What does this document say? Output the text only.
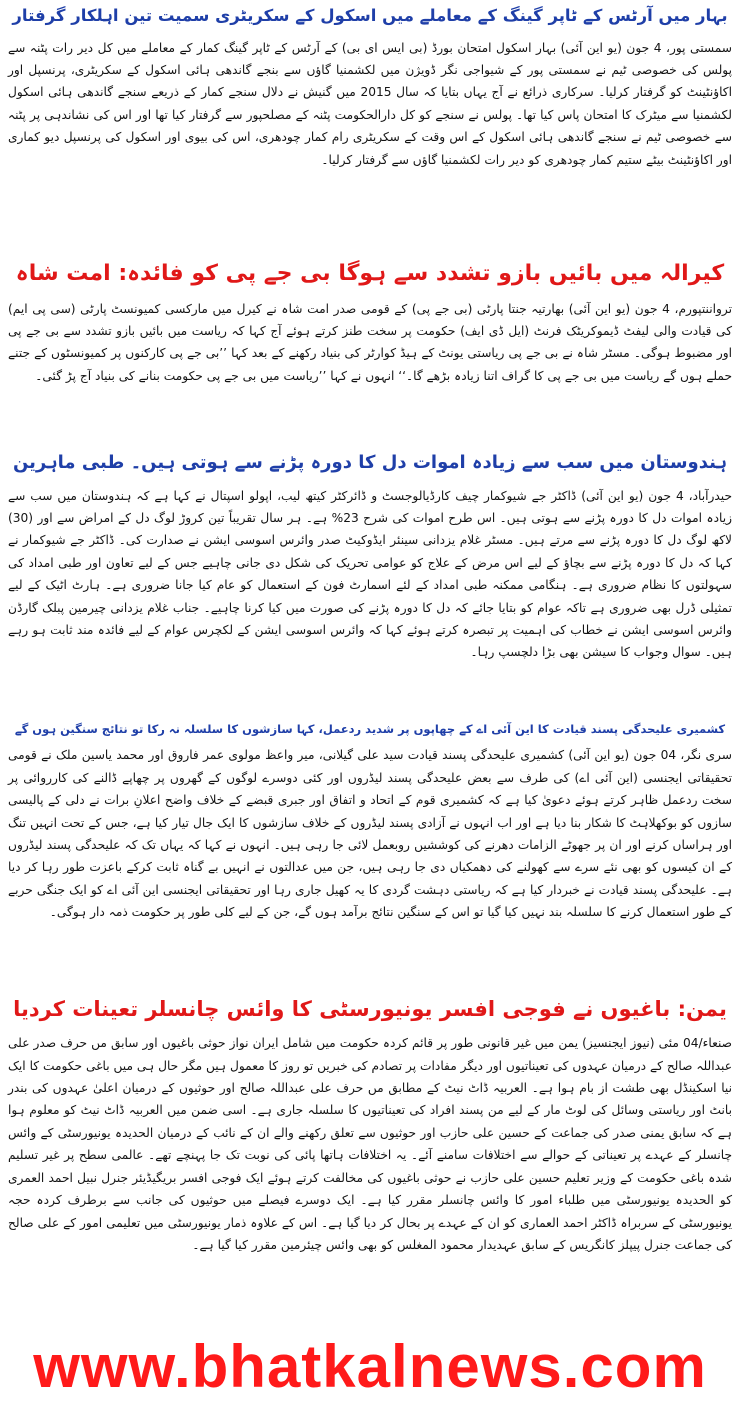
بہار میں آرٹس کے ٹاپر گینگ کے معاملے میں اسکول کے سکریٹری سمیت تین اہلکار گرفتار

سمستی پور، 4 جون (یو این آئی) بہار اسکول امتحان بورڈ (بی ایس ای بی) کے آرٹس کے ٹاپر گینگ کمار کے معاملے میں کل دیر رات پٹنہ سے پولس کی خصوصی ٹیم نے سمستی پور کے شیواجی نگر ڈویژن میں لکشمنیا گاؤں سے بنجے گاندھی ہائی اسکول کے سکریٹری، پرنسپل اور اکاؤنٹینٹ کو گرفتار کرلیا۔ سرکاری ذرائع نے آج یہاں بتایا کہ سال 2015 میں گنیش نے دلال سنجے کمار کے ذریعے سنجے گاندھی ہائی اسکول لکشمنیا سے میٹرک کا امتحان پاس کیا تھا۔ پولس نے سنجے کو کل دارالحکومت پٹنہ کے مصلحپور سے گرفتار کیا تھا اور اس کی نشاندہی پر پٹنہ سے خصوصی ٹیم نے سنجے گاندھی ہائی اسکول کے اس وقت کے سکریٹری رام کمار چودھری، اس کی بیوی اور اسکول کی پرنسپل دیو کماری اور اکاؤنٹینٹ بیٹے ستیم کمار چودھری کو دیر رات لکشمنیا گاؤں سے گرفتار کرلیا۔

کیرالہ میں بائیں بازو تشدد سے ہوگا بی جے پی کو فائدہ: امت شاہ

ترواننتپورم، 4 جون (یو این آئی) بھارتیہ جنتا پارٹی (بی جے پی) کے قومی صدر امت شاہ نے کیرل میں مارکسی کمیونسٹ پارٹی (سی پی ایم) کی قیادت والی لیفٹ ڈیموکریٹک فرنٹ (ایل ڈی ایف) حکومت پر سخت طنز کرتے ہوئے آج کہا کہ ریاست میں بائیں بازو تشدد سے بی جے پی اور مضبوط ہوگی۔ مسٹر شاہ نے بی جے پی ریاستی یونٹ کے ہیڈ کوارٹر کی بنیاد رکھنے کے بعد کہا ’’بی جے پی کارکنوں پر کمیونسٹوں کے جتنے حملے ہوں گے ریاست میں بی جے پی کا گراف اتنا زیادہ بڑھے گا۔‘‘ انہوں نے کہا ’’ریاست میں بی جے پی حکومت بنانے کی بنیاد آج پڑ گئی۔

ہندوستان میں سب سے زیادہ اموات دل کا دورہ پڑنے سے ہوتی ہیں۔ طبی ماہرین

حیدرآباد، 4 جون (یو این آئی) ڈاکٹر جے شیوکمار چیف کارڈیالوجسٹ و ڈائرکٹر کیتھ لیب، اپولو اسپتال نے کہا ہے کہ ہندوستان میں سب سے زیادہ اموات دل کا دورہ پڑنے سے ہوتی ہیں۔ اس طرح اموات کی شرح 23% ہے۔ ہر سال تقریباً تین کروڑ لوگ دل کے امراض سے اور (30) لاکھ لوگ دل کا دورہ پڑنے سے مرتے ہیں۔ مسٹر غلام یزدانی سینئر ایڈوکیٹ صدر وائرس اسوسی ایشن نے صدارت کی۔ ڈاکٹر جے شیوکمار نے کہا کہ دل کا دورہ پڑنے سے بچاؤ کے لیے اس مرض کے علاج کو عوامی تحریک کی شکل دی جانی چاہیے جس کے لیے تعاون اور طبی امداد کی سہولتوں کا نظام ضروری ہے۔ ہنگامی ممکنہ طبی امداد کے لئے اسمارٹ فون کے استعمال کو عام کیا جانا ضروری ہے۔ ہارٹ اٹیک کے لیے تمثیلی ڈرل بھی ضروری ہے تاکہ عوام کو بتایا جائے کہ دل کا دورہ پڑنے کی صورت میں کیا کرنا چاہیے۔ جناب غلام یزدانی چیرمین پبلک گارڈن وائرس اسوسی ایشن نے خطاب کی اہمیت پر تبصرہ کرتے ہوئے کہا کہ وائرس اسوسی ایشن کے لکچرس عوام کے لیے فائدہ مند ثابت ہو رہے ہیں۔ سوال وجواب کا سیشن بھی بڑا دلچسپ رہا۔

کشمیری علیحدگی پسند قیادت کا این آئی اے کے چھاپوں پر شدید ردعمل، کہا سازشوں کا سلسلہ نہ رکا تو نتائج سنگین ہوں گے

سری نگر، 04 جون (یو این آئی) کشمیری علیحدگی پسند قیادت سید علی گیلانی، میر واعظ مولوی عمر فاروق اور محمد یاسین ملک نے قومی تحقیقاتی ایجنسی (این آئی اے) کی طرف سے بعض علیحدگی پسند لیڈروں اور کئی دوسرے لوگوں کے گھروں پر چھاپے ڈالنے کی کارروائی پر سخت ردعمل ظاہر کرتے ہوئے دعویٰ کیا ہے کہ کشمیری قوم کے اتحاد و اتفاق اور جبری قبضے کے خلاف واضح اعلانِ برات نے دلی کے پالیسی سازوں کو بوکھلاہٹ کا شکار بنا دیا ہے اور اب انہوں نے آزادی پسند لیڈروں کے خلاف سازشوں کا ایک جال تیار کیا ہے، جس کے تحت انہیں تنگ اور ہراساں کرنے اور ان پر جھوٹے الزامات دھرنے کی کوششیں روبعمل لائی جا رہی ہیں۔ انہوں نے کہا کہ یہاں تک کہ علیحدگی پسند لیڈروں کے ان کیسوں کو بھی نئے سرے سے کھولنے کی دھمکیاں دی جا رہی ہیں، جن میں عدالتوں نے انہیں بے گناہ ثابت کرکے باعزت طور رہا کر دیا ہے۔ علیحدگی پسند قیادت نے خبردار کیا ہے کہ ریاستی دہشت گردی کا یہ کھیل جاری رہا اور تحقیقاتی ایجنسی این آئی اے کو ایک جنگی حربے کے طور استعمال کرنے کا سلسلہ بند نہیں کیا گیا تو اس کے سنگین نتائج برآمد ہوں گے، جن کے لیے کلی طور پر حکومت ذمہ دار ہوگی۔

یمن: باغیوں نے فوجی افسر یونیورسٹی کا وائس چانسلر تعینات کردیا

صنعاء/04 مئی (نیوز ایجنسیز) یمن میں غیر قانونی طور پر قائم کردہ حکومت میں شامل ایران نواز حوثی باغیوں اور سابق مں حرف صدر علی عبداللہ صالح کے درمیان عہدوں کی تعیناتیوں اور دیگر مفادات پر تصادم کی خبریں تو روز کا معمول ہیں مگر حال ہی میں باغی حکومت کا ایک نیا اسکینڈل بھی طشت از بام ہوا ہے۔ العربیہ ڈاٹ نیٹ کے مطابق مں حرف علی عبداللہ صالح اور حوثیوں کے درمیان اعلیٰ عہدوں کی بندر بانٹ اور ریاستی وسائل کی لوٹ مار کے لیے من پسند افراد کی تعیناتیوں کا سلسلہ جاری ہے۔ اسی ضمن میں العربیہ ڈاٹ نیٹ کو معلوم ہوا ہے کہ سابق یمنی صدر کی جماعت کے حسین علی حازب اور حوثیوں سے تعلق رکھنے والے ان کے نائب کے درمیان الحدیدہ یونیورسٹی کے وائس چانسلر کے عہدے پر تعیناتی کے حوالے سے اختلافات سامنے آئے۔ یہ اختلافات ہاتھا پائی کی نوبت تک جا پہنچے تھے۔ عالمی سطح پر غیر تسلیم شدہ باغی حکومت کے وزیر تعلیم حسین علی حازب نے حوثی باغیوں کی مخالفت کرتے ہوئے ایک فوجی افسر بریگیڈیئر جنرل نبیل احمد العمری کو الحدیدہ یونیورسٹی میں طلباء امور کا وائس چانسلر مقرر کیا ہے۔ ایک دوسرے فیصلے میں حوثیوں کی جانب سے برطرف کردہ حجہ یونیورسٹی کے سربراہ ڈاکٹر احمد العماری کو ان کے عہدے پر بحال کر دیا گیا ہے۔ اس کے علاوہ ذمار یونیورسٹی میں تعلیمی امور کے علی صالح کی جماعت جنرل پیپلز کانگریس کے سابق عہدیدار محمود المغلس کو بھی وائس چیئرمین مقرر کیا گیا ہے۔

www.bhatkalnews.com
